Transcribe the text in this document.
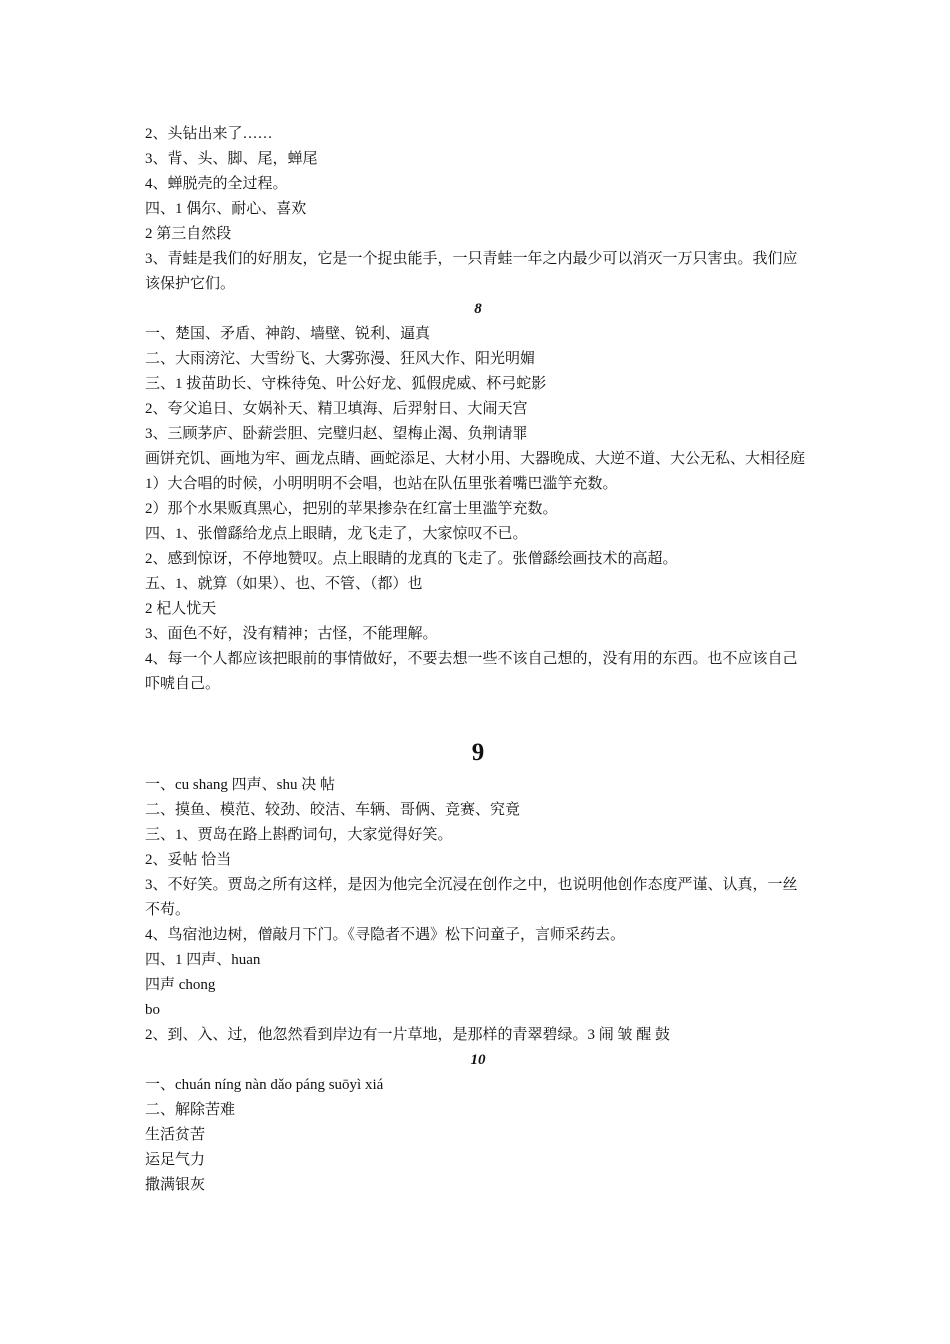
2、头钻出来了……
3、背、头、脚、尾，蝉尾
4、蝉脱壳的全过程。
四、1 偶尔、耐心、喜欢
2 第三自然段
3、青蛙是我们的好朋友，它是一个捉虫能手，一只青蛙一年之内最少可以消灭一万只害虫。我们应该保护它们。
8
一、楚国、矛盾、神韵、墙壁、锐利、逼真
二、大雨滂沱、大雪纷飞、大雾弥漫、狂风大作、阳光明媚
三、1 拔苗助长、守株待兔、叶公好龙、狐假虎威、杯弓蛇影
2、夸父追日、女娲补天、精卫填海、后羿射日、大闹天宫
3、三顾茅庐、卧薪尝胆、完璧归赵、望梅止渴、负荆请罪
画饼充饥、画地为牢、画龙点睛、画蛇添足、大材小用、大器晚成、大逆不道、大公无私、大相径庭
1）大合唱的时候，小明明明不会唱，也站在队伍里张着嘴巴滥竽充数。
2）那个水果贩真黑心，把别的苹果掺杂在红富士里滥竽充数。
四、1、张僧繇给龙点上眼睛，龙飞走了，大家惊叹不已。
2、感到惊讶，不停地赞叹。点上眼睛的龙真的飞走了。张僧繇绘画技术的高超。
五、1、就算（如果）、也、不管、（都）也
2 杞人忧天
3、面色不好，没有精神；古怪，不能理解。
4、每一个人都应该把眼前的事情做好，不要去想一些不该自己想的，没有用的东西。也不应该自己吓唬自己。
9
一、cu shang 四声、shu 决 帖
二、摸鱼、模范、较劲、皎洁、车辆、哥俩、竞赛、究竟
三、1、贾岛在路上斟酌词句，大家觉得好笑。
2、妥帖 恰当
3、不好笑。贾岛之所有这样，是因为他完全沉浸在创作之中，也说明他创作态度严谨、认真，一丝不苟。
4、鸟宿池边树，僧敲月下门。《寻隐者不遇》松下问童子，言师采药去。
四、1 四声、huan
四声 chong
bo
2、到、入、过，他忽然看到岸边有一片草地，是那样的青翠碧绿。3 闹 皱 醒 鼓
10
一、chuán níng nàn dǎo páng suōyì xiá
二、解除苦难
生活贫苦
运足气力
撒满银灰
